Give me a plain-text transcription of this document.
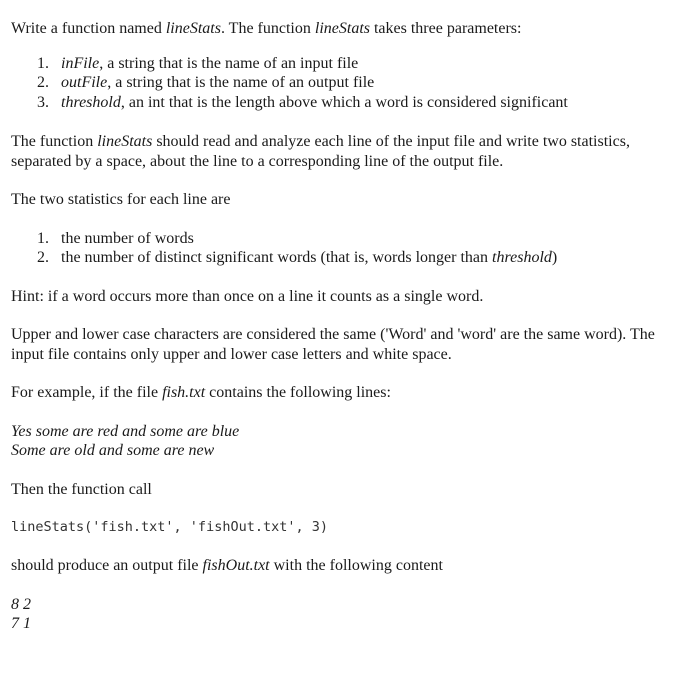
Write a function named lineStats. The function lineStats takes three parameters:

1. inFile, a string that is the name of an input file
2. outFile, a string that is the name of an output file
3. threshold, an int that is the length above which a word is considered significant

The function lineStats should read and analyze each line of the input file and write two statistics,
separated by a space, about the line to a corresponding line of the output file.

The two statistics for each line are

1. the number of words
2. the number of distinct significant words (that is, words longer than threshold)

Hint: if a word occurs more than once on a line it counts as a single word.

Upper and lower case characters are considered the same ('Word' and 'word' are the same word). The
input file contains only upper and lower case letters and white space.

For example, if the file fish.txt contains the following lines:

Yes some are red and some are blue
Some are old and some are new

Then the function call

lineStats('fish.txt', 'fishOut.txt', 3)

should produce an output file fishOut.txt with the following content

8 2
7 1
